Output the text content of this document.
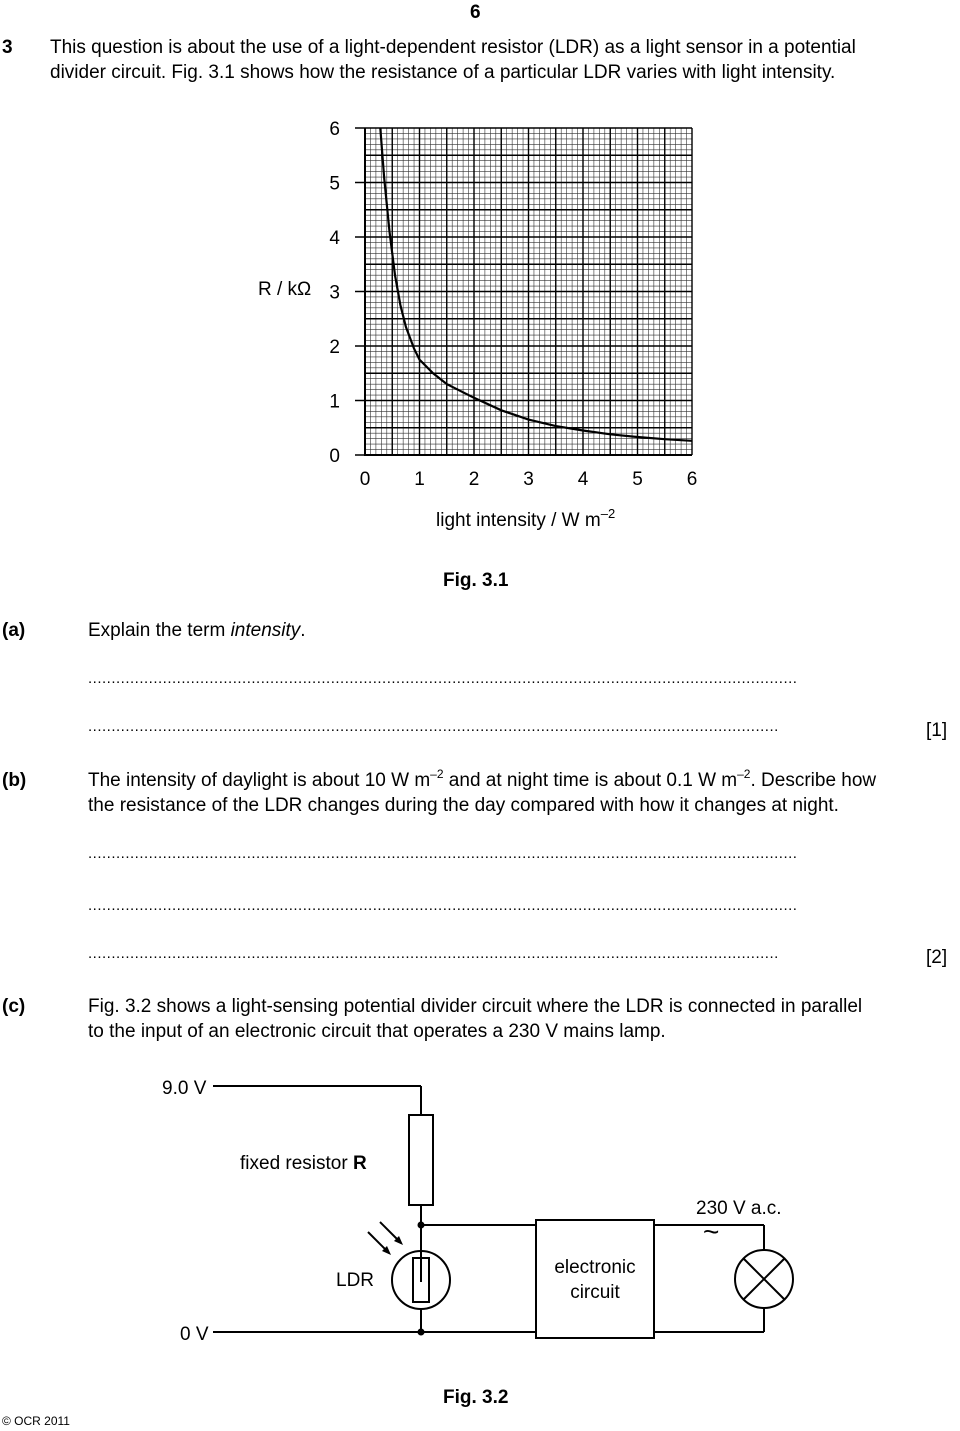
6
3 This question is about the use of a light-dependent resistor (LDR) as a light sensor in a potential
divider circuit. Fig. 3.1 shows how the resistance of a particular LDR varies with light intensity.
0
1
2
3
4
5
6
0 1 2 3 4 5 6
R / kΩ
light intensity / W $m^{-2}$
Fig. 3.1
(a)	Explain the term intensity.
........................................................................................................................................................
....................................................................................................................................................	[1]
(b)	The intensity of daylight is about 10 W $m^{-2}$ and at night time is about 0.1 W $m^{-2}$. Describe how
the resistance of the LDR changes during the day compared with how it changes at night.
........................................................................................................................................................
........................................................................................................................................................
....................................................................................................................................................	[2]
(c)	Fig. 3.2 shows a light-sensing potential divider circuit where the LDR is connected in parallel
to the input of an electronic circuit that operates a 230 V mains lamp.
9.0 V
0 V
fixed resistor R
LDR
electronic
circuit
230 V a.c.
~
Fig. 3.2
© OCR 2011
